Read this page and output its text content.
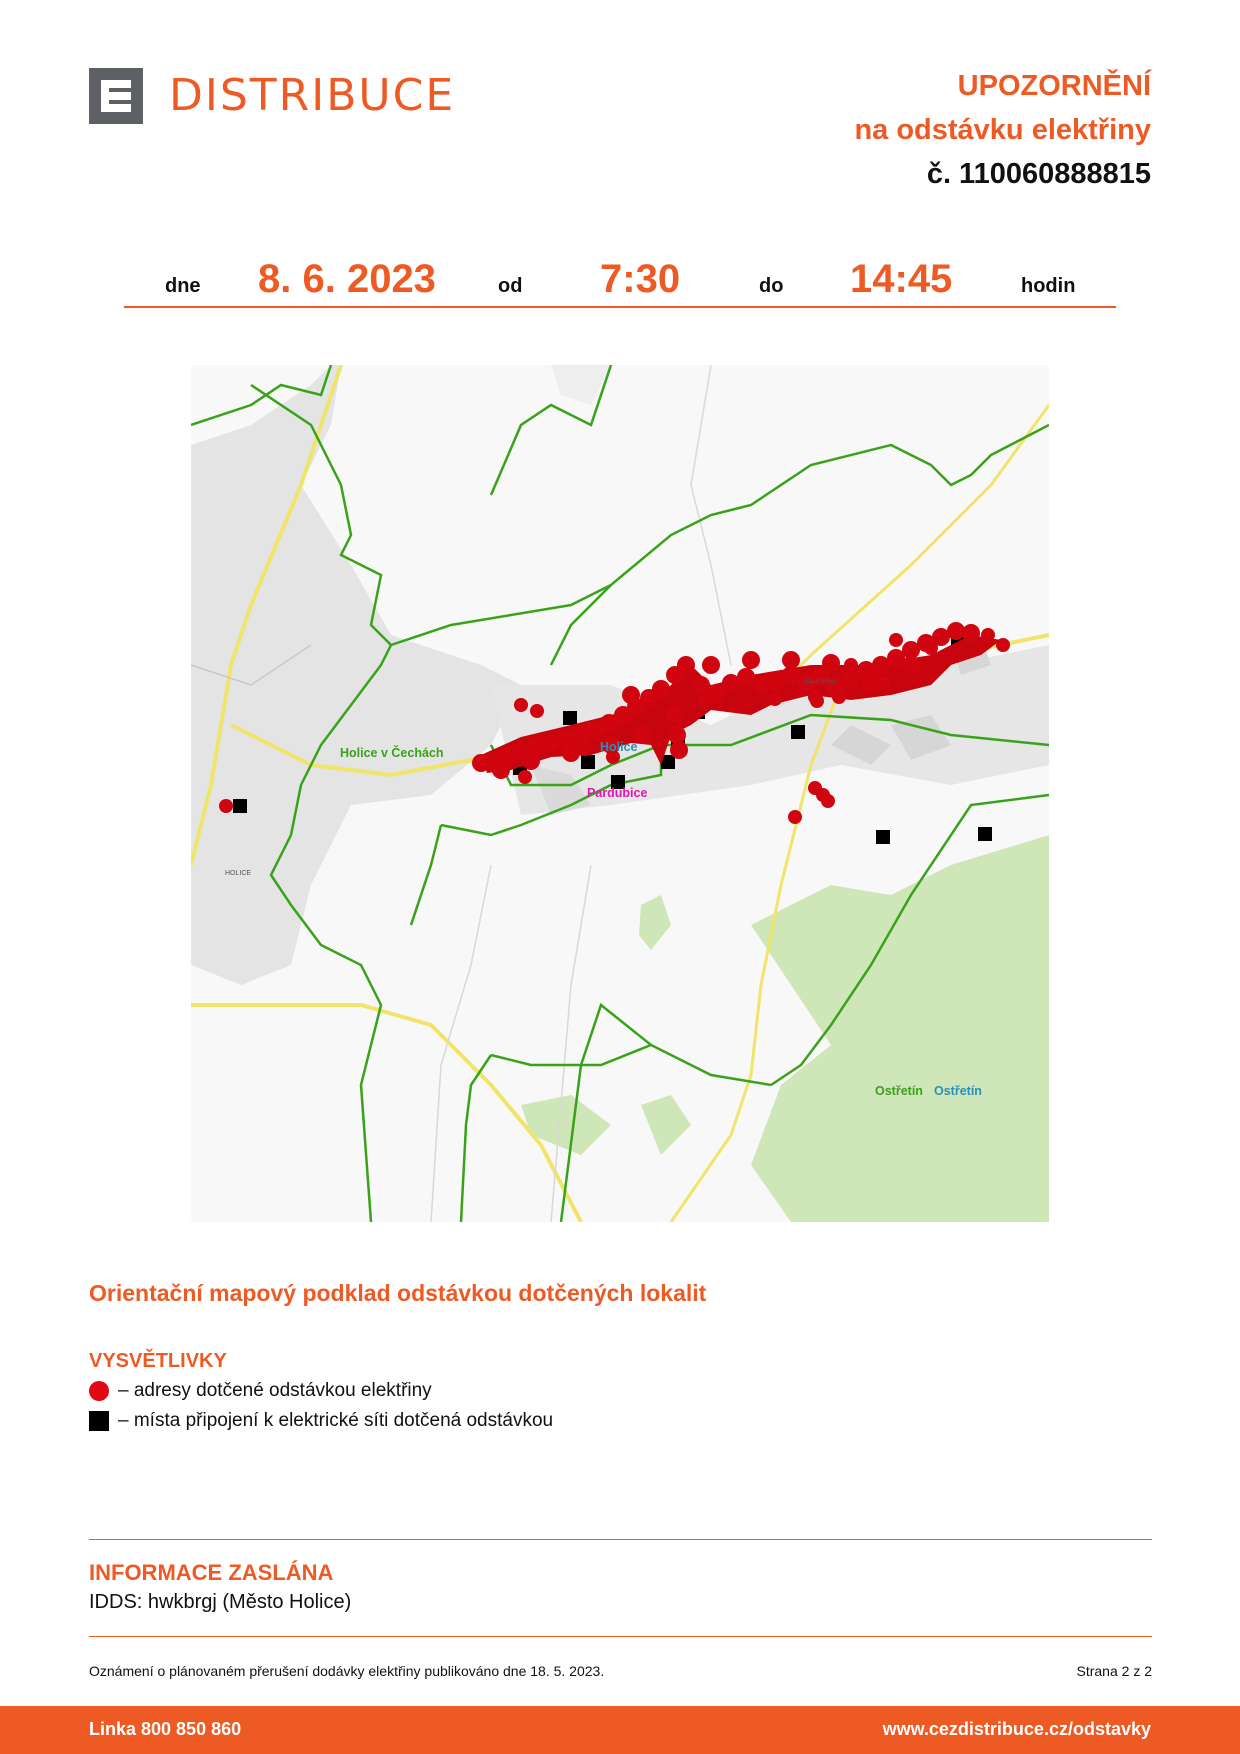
DISTRIBUCE	UPOZORNĚNÍ
na odstávku elektřiny
č. 110060888815
dne 8. 6. 2023	od 7:30	do 14:45	hodin
Holice v Čechách	Holice
Pardubice
Ostřetín Ostřetín
HOLICE
Stará Holice
Orientační mapový podklad odstávkou dotčených lokalit
VYSVĚTLIVKY
– adresy dotčené odstávkou elektřiny
– místa připojení k elektrické síti dotčená odstávkou
INFORMACE ZASLÁNA
IDDS: hwkbrgj (Město Holice)
Oznámení o plánovaném přerušení dodávky elektřiny publikováno dne 18. 5. 2023.	Strana 2 z 2
Linka 800 850 860	www.cezdistribuce.cz/odstavky
